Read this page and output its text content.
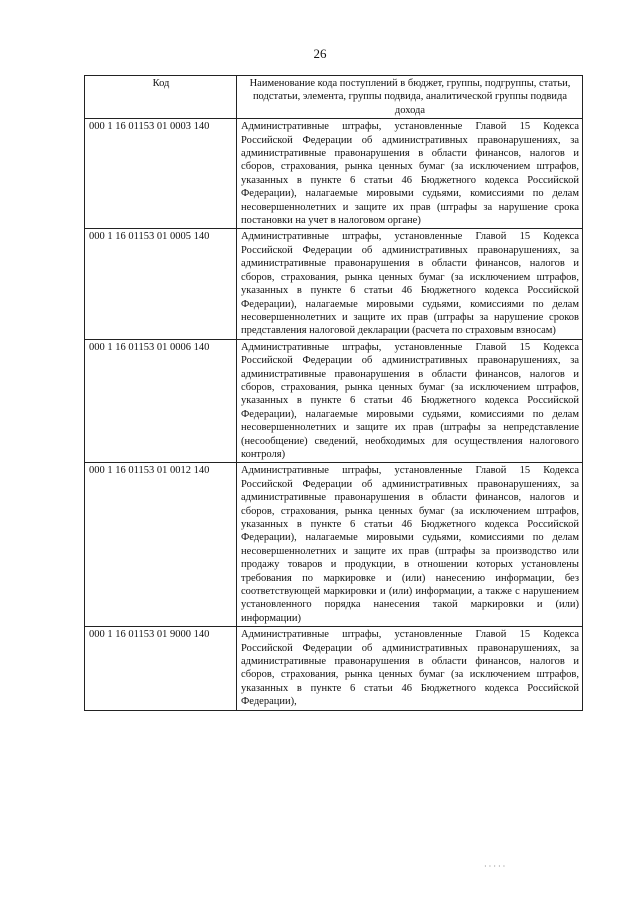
26
Код	Наименование кода поступлений в бюджет, группы, подгруппы, статьи, подстатьи, элемента, группы подвида, аналитической группы подвида дохода
000 1 16 01153 01 0003 140	Административные штрафы, установленные Главой 15 Кодекса Российской Федерации об административных правонарушениях, за административные правонарушения в области финансов, налогов и сборов, страхования, рынка ценных бумаг (за исключением штрафов, указанных в пункте 6 статьи 46 Бюджетного кодекса Российской Федерации), налагаемые мировыми судьями, комиссиями по делам несовершеннолетних и защите их прав (штрафы за нарушение срока постановки на учет в налоговом органе)
000 1 16 01153 01 0005 140	Административные штрафы, установленные Главой 15 Кодекса Российской Федерации об административных правонарушениях, за административные правонарушения в области финансов, налогов и сборов, страхования, рынка ценных бумаг (за исключением штрафов, указанных в пункте 6 статьи 46 Бюджетного кодекса Российской Федерации), налагаемые мировыми судьями, комиссиями по делам несовершеннолетних и защите их прав (штрафы за нарушение сроков представления налоговой декларации (расчета по страховым взносам)
000 1 16 01153 01 0006 140	Административные штрафы, установленные Главой 15 Кодекса Российской Федерации об административных правонарушениях, за административные правонарушения в области финансов, налогов и сборов, страхования, рынка ценных бумаг (за исключением штрафов, указанных в пункте 6 статьи 46 Бюджетного кодекса Российской Федерации), налагаемые мировыми судьями, комиссиями по делам несовершеннолетних и защите их прав (штрафы за непредставление (несообщение) сведений, необходимых для осуществления налогового контроля)
000 1 16 01153 01 0012 140	Административные штрафы, установленные Главой 15 Кодекса Российской Федерации об административных правонарушениях, за административные правонарушения в области финансов, налогов и сборов, страхования, рынка ценных бумаг (за исключением штрафов, указанных в пункте 6 статьи 46 Бюджетного кодекса Российской Федерации), налагаемые мировыми судьями, комиссиями по делам несовершеннолетних и защите их прав (штрафы за производство или продажу товаров и продукции, в отношении которых установлены требования по маркировке и (или) нанесению информации, без соответствующей маркировки и (или) информации, а также с нарушением установленного порядка нанесения такой маркировки и (или) информации)
000 1 16 01153 01 9000 140	Административные штрафы, установленные Главой 15 Кодекса Российской Федерации об административных правонарушениях, за административные правонарушения в области финансов, налогов и сборов, страхования, рынка ценных бумаг (за исключением штрафов, указанных в пункте 6 статьи 46 Бюджетного кодекса Российской Федерации),
·····
